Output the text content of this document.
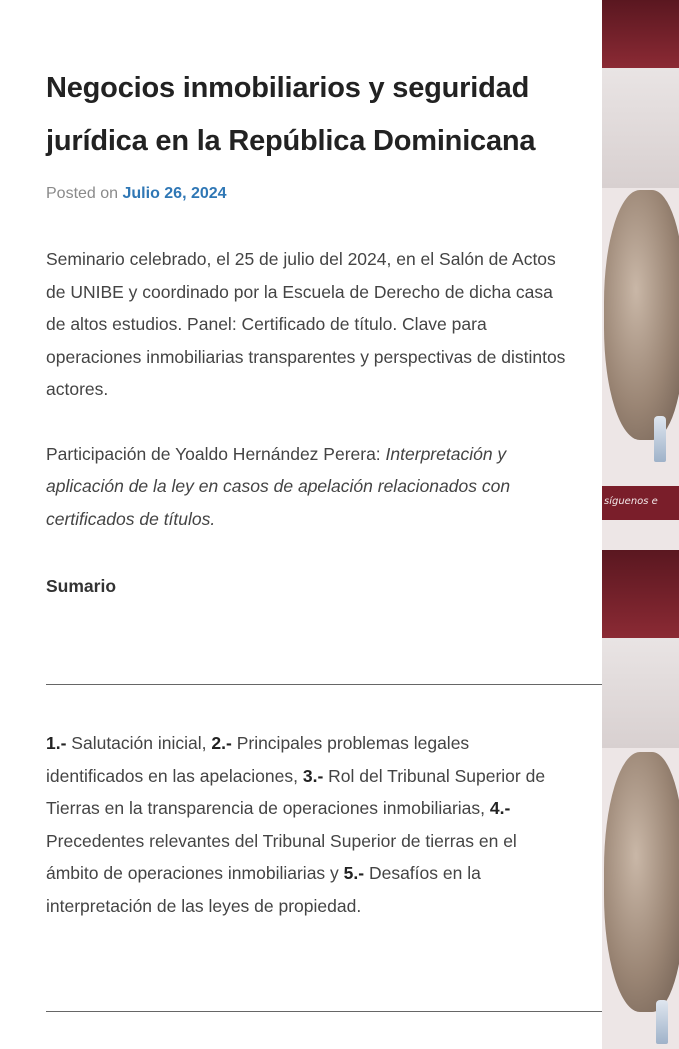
Negocios inmobiliarios y seguridad jurídica en la República Dominicana
Posted on Julio 26, 2024

Seminario celebrado, el 25 de julio del 2024, en el Salón de Actos de UNIBE y coordinado por la Escuela de Derecho de dicha casa de altos estudios. Panel: Certificado de título. Clave para operaciones inmobiliarias transparentes y perspectivas de distintos actores.

Participación de Yoaldo Hernández Perera: Interpretación y aplicación de la ley en casos de apelación relacionados con certificados de títulos.

Sumario

1.- Salutación inicial, 2.- Principales problemas legales identificados en las apelaciones, 3.- Rol del Tribunal Superior de Tierras en la transparencia de operaciones inmobiliarias, 4.- Precedentes relevantes del Tribunal Superior de tierras en el ámbito de operaciones inmobiliarias y 5.- Desafíos en la interpretación de las leyes de propiedad.

síguenos e
